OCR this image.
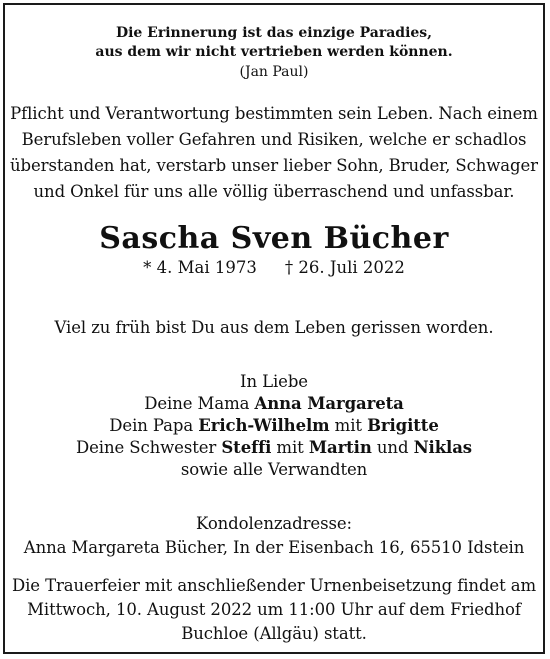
Die Erinnerung ist das einzige Paradies,
aus dem wir nicht vertrieben werden können.
(Jan Paul)
Pflicht und Verantwortung bestimmten sein Leben. Nach einem
Berufsleben voller Gefahren und Risiken, welche er schadlos
überstanden hat, verstarb unser lieber Sohn, Bruder, Schwager
und Onkel für uns alle völlig überraschend und unfassbar.
Sascha Sven Bücher
* 4. Mai 1973 † 26. Juli 2022
Viel zu früh bist Du aus dem Leben gerissen worden.
In Liebe
Deine Mama Anna Margareta
Dein Papa Erich-Wilhelm mit Brigitte
Deine Schwester Steffi mit Martin und Niklas
sowie alle Verwandten
Kondolenzadresse:
Anna Margareta Bücher, In der Eisenbach 16, 65510 Idstein
Die Trauerfeier mit anschließender Urnenbeisetzung findet am
Mittwoch, 10. August 2022 um 11:00 Uhr auf dem Friedhof
Buchloe (Allgäu) statt.
